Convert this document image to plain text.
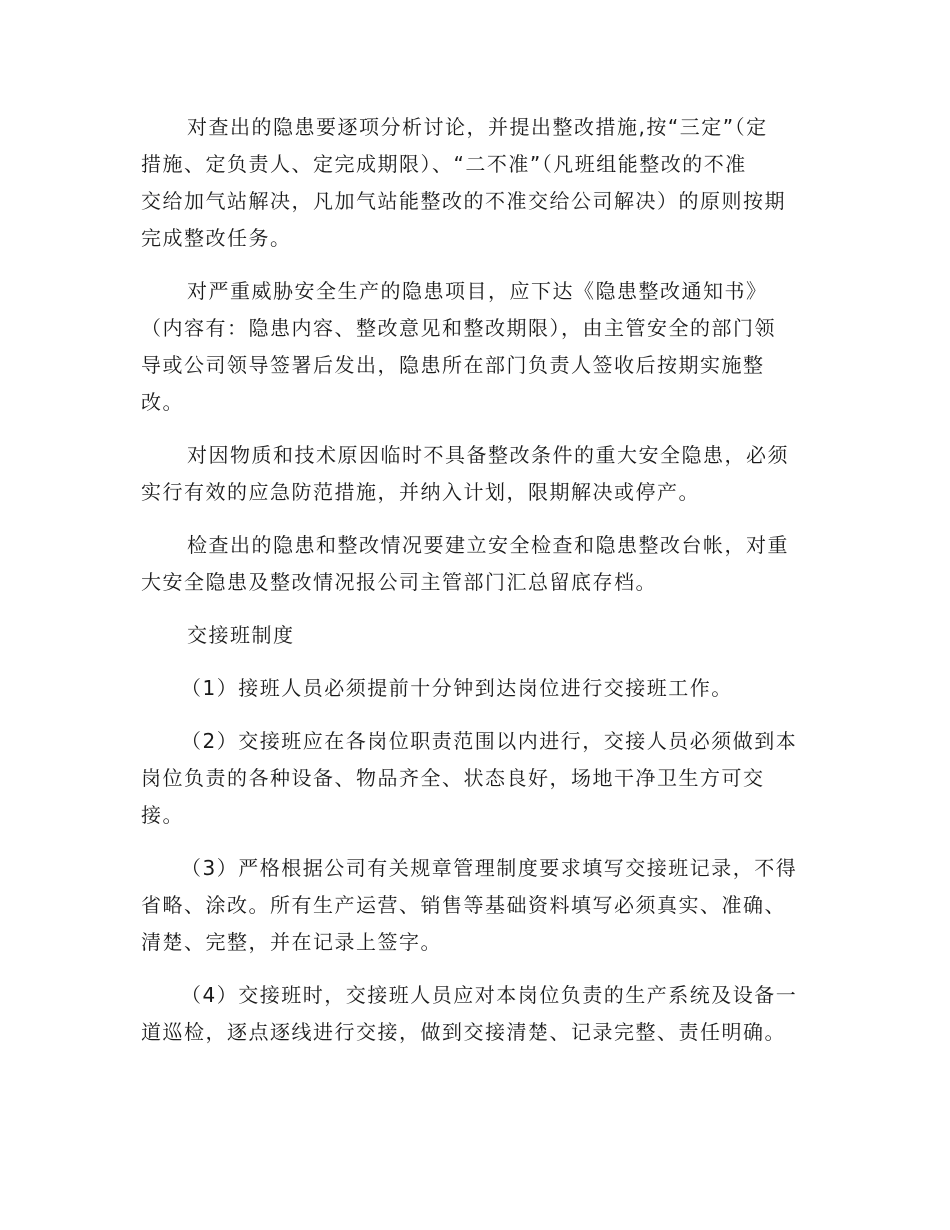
对查出的隐患要逐项分析讨论，并提出整改措施,按“三定”（定
措施、定负责人、定完成期限）、“二不准”（凡班组能整改的不准
交给加气站解决，凡加气站能整改的不准交给公司解决）的原则按期
完成整改任务。

对严重威胁安全生产的隐患项目，应下达《隐患整改通知书》
（内容有：隐患内容、整改意见和整改期限），由主管安全的部门领
导或公司领导签署后发出，隐患所在部门负责人签收后按期实施整
改。

对因物质和技术原因临时不具备整改条件的重大安全隐患，必须
实行有效的应急防范措施，并纳入计划，限期解决或停产。

检查出的隐患和整改情况要建立安全检查和隐患整改台帐，对重
大安全隐患及整改情况报公司主管部门汇总留底存档。

交接班制度

（1）接班人员必须提前十分钟到达岗位进行交接班工作。

（2）交接班应在各岗位职责范围以内进行，交接人员必须做到本
岗位负责的各种设备、物品齐全、状态良好，场地干净卫生方可交
接。

（3）严格根据公司有关规章管理制度要求填写交接班记录，不得
省略、涂改。所有生产运营、销售等基础资料填写必须真实、准确、
清楚、完整，并在记录上签字。

（4）交接班时，交接班人员应对本岗位负责的生产系统及设备一
道巡检，逐点逐线进行交接，做到交接清楚、记录完整、责任明确。
